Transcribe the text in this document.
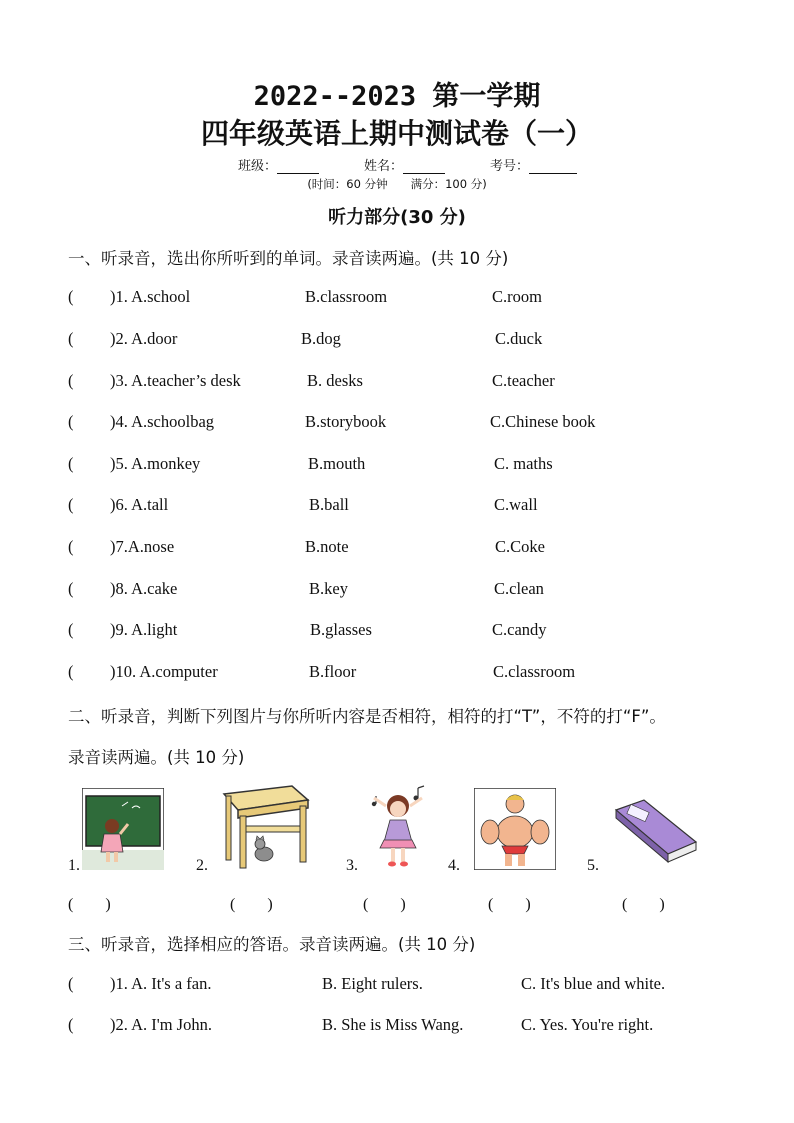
2022--2023 第一学期
四年级英语上期中测试卷（一）
班级：	姓名：	考号：
(时间：60 分钟　　满分：100 分)
听力部分(30 分)
一、听录音，选出你所听到的单词。录音读两遍。(共 10 分)
( )1. A.school	B.classroom	C.room
( )2. A.door	B.dog	C.duck
( )3. A.teacher’s desk	B. desks	C.teacher
( )4. A.schoolbag	B.storybook	C.Chinese book
( )5. A.monkey	B.mouth	C. maths
( )6. A.tall	B.ball	C.wall
( )7.A.nose	B.note	C.Coke
( )8. A.cake	B.key	C.clean
( )9. A.light	B.glasses	C.candy
( )10. A.computer	B.floor	C.classroom
二、听录音，判断下列图片与你所听内容是否相符，相符的打“T”，不符的打“F”。
录音读两遍。(共 10 分)
1.
(　　)
2.
(　　)
3.
(　　)
4.
(　　)
5.
(　　)
三、听录音，选择相应的答语。录音读两遍。(共 10 分)
( )1. A. It's a fan.	B. Eight rulers.	C. It's blue and white.
( )2. A. I'm John.	B. She is Miss Wang.	C. Yes. You're right.
